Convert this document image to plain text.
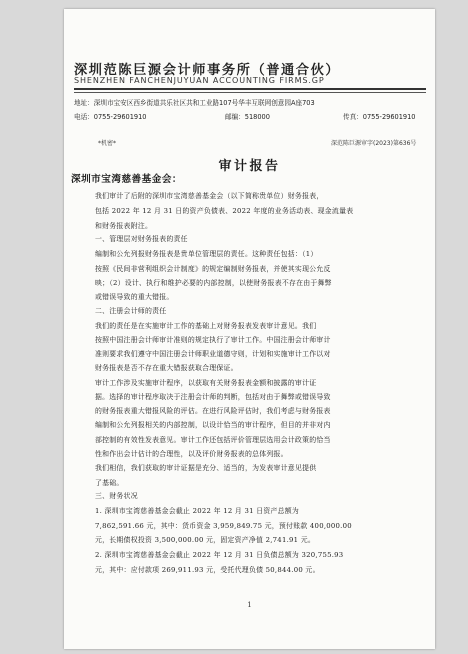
深圳范陈巨源会计师事务所（普通合伙）
SHENZHEN FANCHENJUYUAN ACCOUNTING FIRMS.GP
地址：深圳市宝安区西乡街道共乐社区共和工业路107号华丰互联网创意园A座703
电话：0755-29601910	邮编：518000	传真：0755-29601910
*机密*	深范陈巨源审字(2023)第636号
审计报告
深圳市宝湾慈善基金会：
我们审计了后附的深圳市宝湾慈善基金会（以下简称贵单位）财务报表，
包括 2022 年 12 月 31 日的资产负债表、2022 年度的业务活动表、现金流量表
和财务报表附注。
一、管理层对财务报表的责任
编制和公允列报财务报表是贵单位管理层的责任。这种责任包括：（1）
按照《民间非营利组织会计制度》的规定编制财务报表，并使其实现公允反
映；（2）设计、执行和维护必要的内部控制，以使财务报表不存在由于舞弊
或错误导致的重大错报。
二、注册会计师的责任
我们的责任是在实施审计工作的基础上对财务报表发表审计意见。我们
按照中国注册会计师审计准则的规定执行了审计工作。中国注册会计师审计
准则要求我们遵守中国注册会计师职业道德守则，计划和实施审计工作以对
财务报表是否不存在重大错报获取合理保证。
审计工作涉及实施审计程序，以获取有关财务报表金额和披露的审计证
据。选择的审计程序取决于注册会计师的判断，包括对由于舞弊或错误导致
的财务报表重大错报风险的评估。在进行风险评估时，我们考虑与财务报表
编制和公允列报相关的内部控制，以设计恰当的审计程序，但目的并非对内
部控制的有效性发表意见。审计工作还包括评价管理层选用会计政策的恰当
性和作出会计估计的合理性，以及评价财务报表的总体列报。
我们相信，我们获取的审计证据是充分、适当的，为发表审计意见提供
了基础。
三、财务状况
1. 深圳市宝湾慈善基金会截止 2022 年 12 月 31 日资产总额为
7,862,591.66 元，其中：货币资金 3,959,849.75 元，预付账款 400,000.00
元，长期债权投资 3,500,000.00 元，固定资产净值 2,741.91 元。
2. 深圳市宝湾慈善基金会截止 2022 年 12 月 31 日负债总额为 320,755.93
元，其中：应付款项 269,911.93 元，受托代理负债 50,844.00 元。
1
